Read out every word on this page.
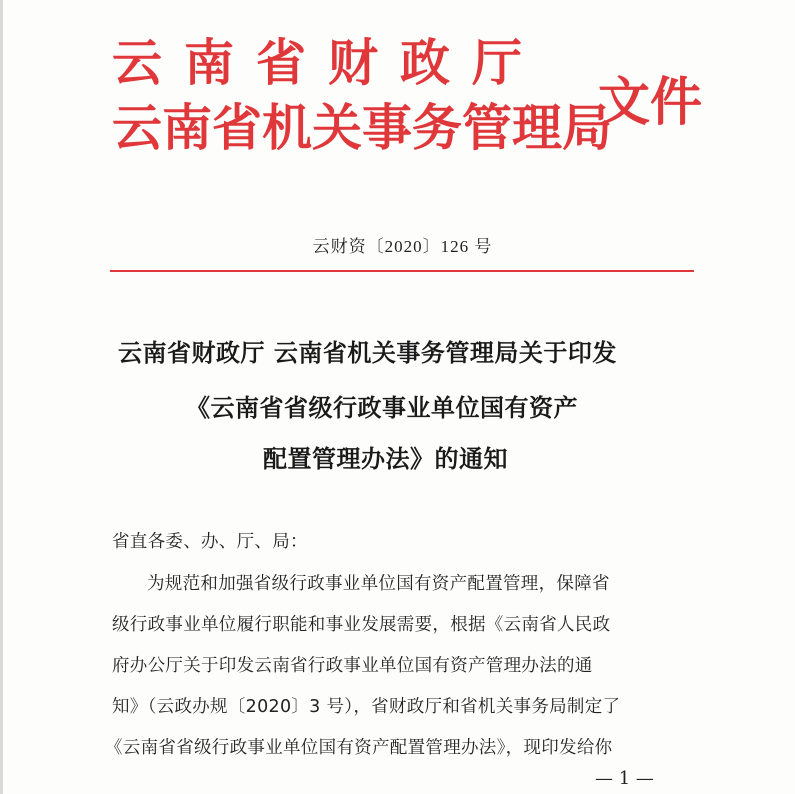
云南省财政厅
云南省机关事务管理局
文件
云财资〔2020〕126 号
云南省财政厅 云南省机关事务管理局关于印发
《云南省省级行政事业单位国有资产
配置管理办法》的通知
省直各委、办、厅、局：
为规范和加强省级行政事业单位国有资产配置管理，保障省
级行政事业单位履行职能和事业发展需要，根据《云南省人民政
府办公厅关于印发云南省行政事业单位国有资产管理办法的通
知》（云政办规〔2020〕3 号），省财政厅和省机关事务局制定了
《云南省省级行政事业单位国有资产配置管理办法》，现印发给你
— 1 —
